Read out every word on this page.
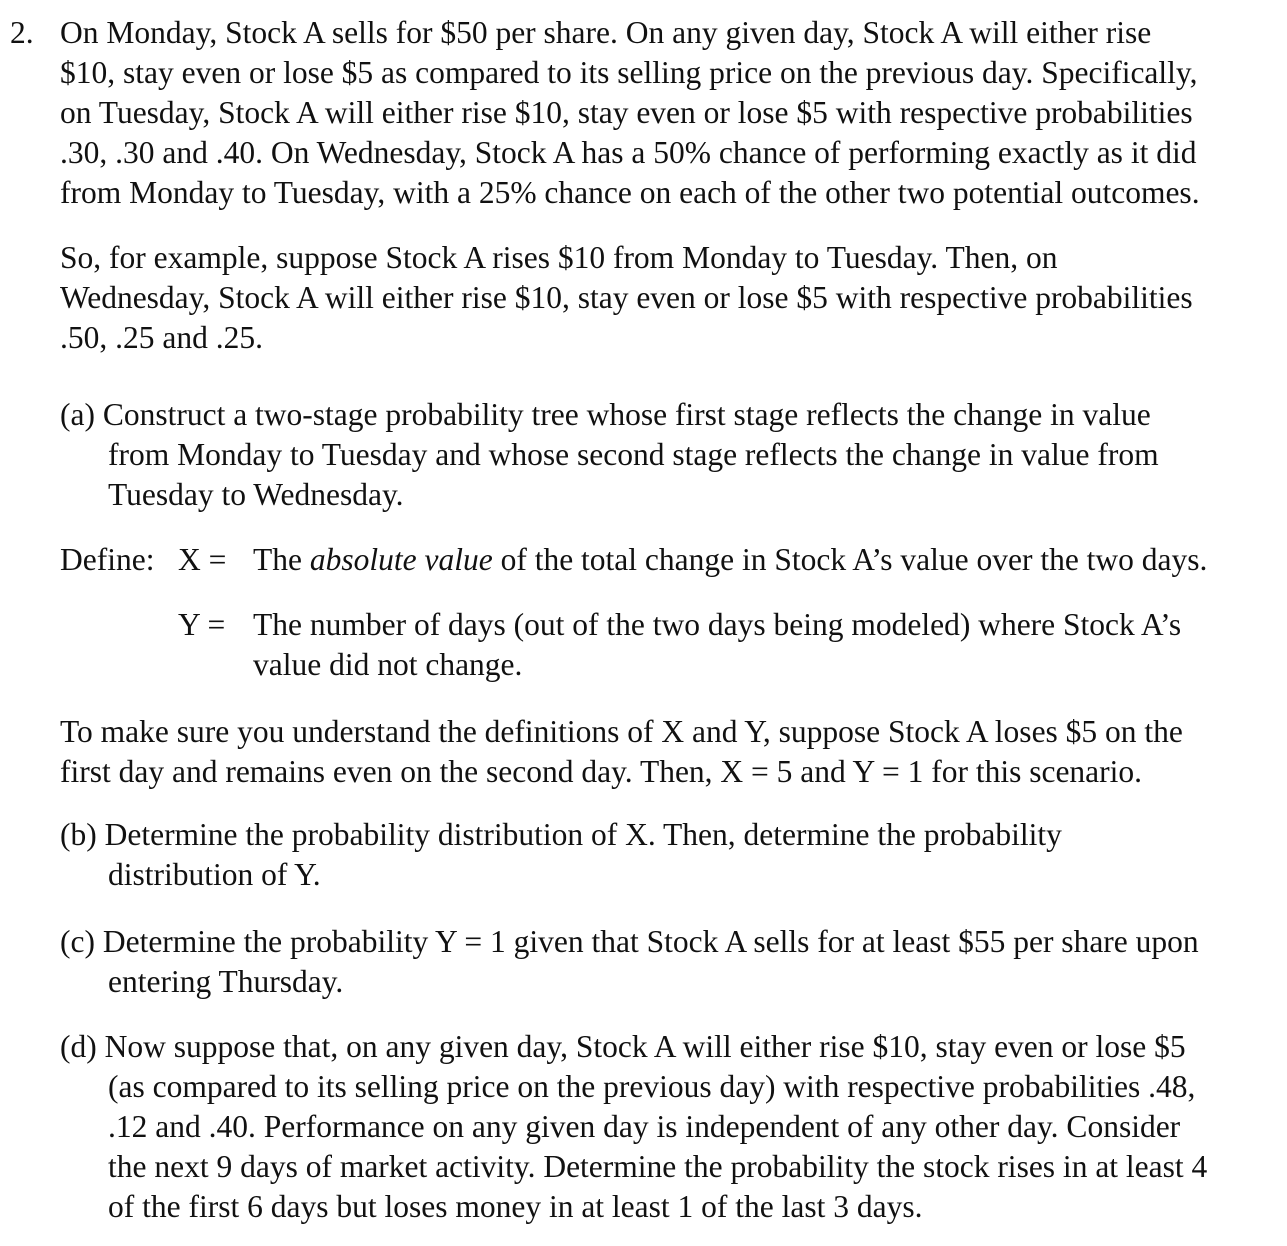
2. On Monday, Stock A sells for $50 per share. On any given day, Stock A will either rise
$10, stay even or lose $5 as compared to its selling price on the previous day. Specifically,
on Tuesday, Stock A will either rise $10, stay even or lose $5 with respective probabilities
.30, .30 and .40. On Wednesday, Stock A has a 50% chance of performing exactly as it did
from Monday to Tuesday, with a 25% chance on each of the other two potential outcomes.
So, for example, suppose Stock A rises $10 from Monday to Tuesday. Then, on
Wednesday, Stock A will either rise $10, stay even or lose $5 with respective probabilities
.50, .25 and .25.
(a) Construct a two-stage probability tree whose first stage reflects the change in value
from Monday to Tuesday and whose second stage reflects the change in value from
Tuesday to Wednesday.
Define: X = The absolute value of the total change in Stock A’s value over the two days.
Y = The number of days (out of the two days being modeled) where Stock A’s
value did not change.
To make sure you understand the definitions of X and Y, suppose Stock A loses $5 on the
first day and remains even on the second day. Then, X = 5 and Y = 1 for this scenario.
(b) Determine the probability distribution of X. Then, determine the probability
distribution of Y.
(c) Determine the probability Y = 1 given that Stock A sells for at least $55 per share upon
entering Thursday.
(d) Now suppose that, on any given day, Stock A will either rise $10, stay even or lose $5
(as compared to its selling price on the previous day) with respective probabilities .48,
.12 and .40. Performance on any given day is independent of any other day. Consider
the next 9 days of market activity. Determine the probability the stock rises in at least 4
of the first 6 days but loses money in at least 1 of the last 3 days.
